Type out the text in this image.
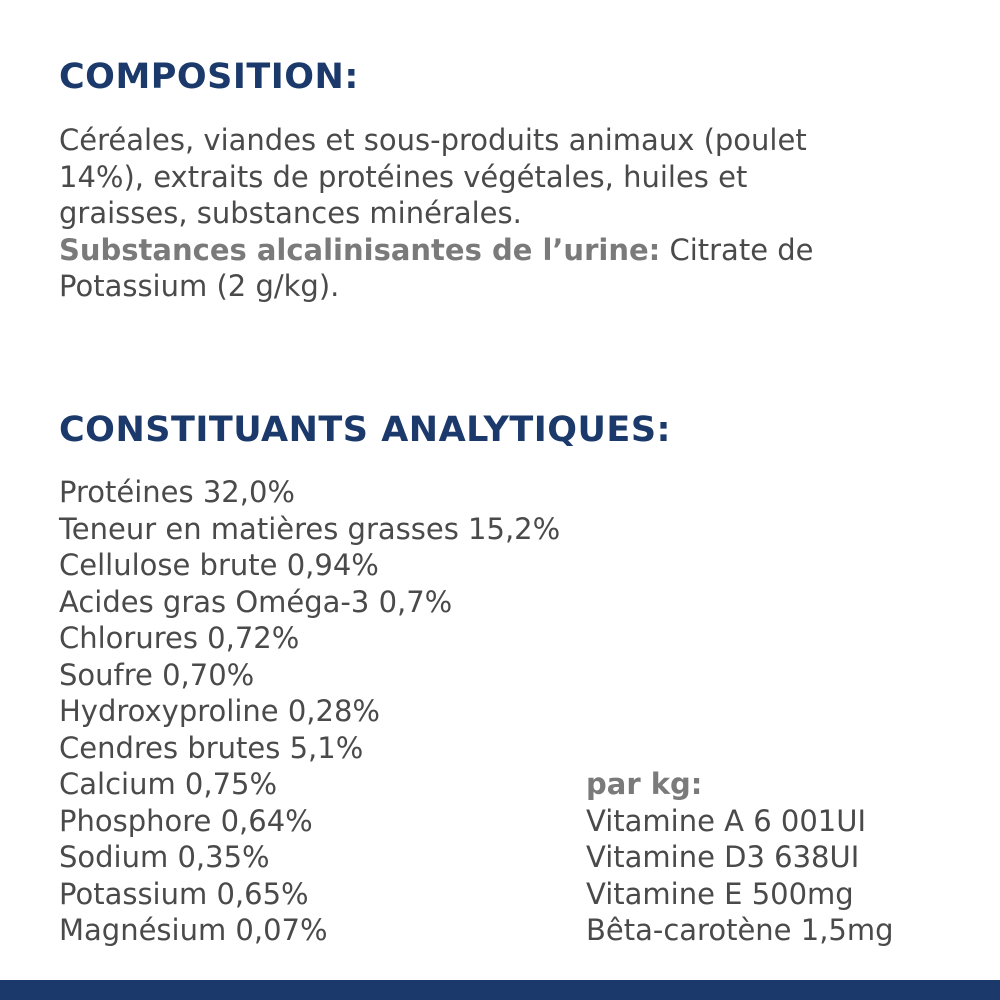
COMPOSITION:

Céréales, viandes et sous-produits animaux (poulet 14%), extraits de protéines végétales, huiles et graisses, substances minérales.
Substances alcalinisantes de l’urine: Citrate de Potassium (2 g/kg).

CONSTITUANTS ANALYTIQUES:
Protéines 32,0%
Teneur en matières grasses 15,2%
Cellulose brute 0,94%
Acides gras Oméga-3 0,7%
Chlorures 0,72%
Soufre 0,70%
Hydroxyproline 0,28%
Cendres brutes 5,1%
Calcium 0,75%
Phosphore 0,64%
Sodium 0,35%
Potassium 0,65%
Magnésium 0,07%
par kg:
Vitamine A 6 001UI
Vitamine D3 638UI
Vitamine E 500mg
Bêta-carotène 1,5mg
